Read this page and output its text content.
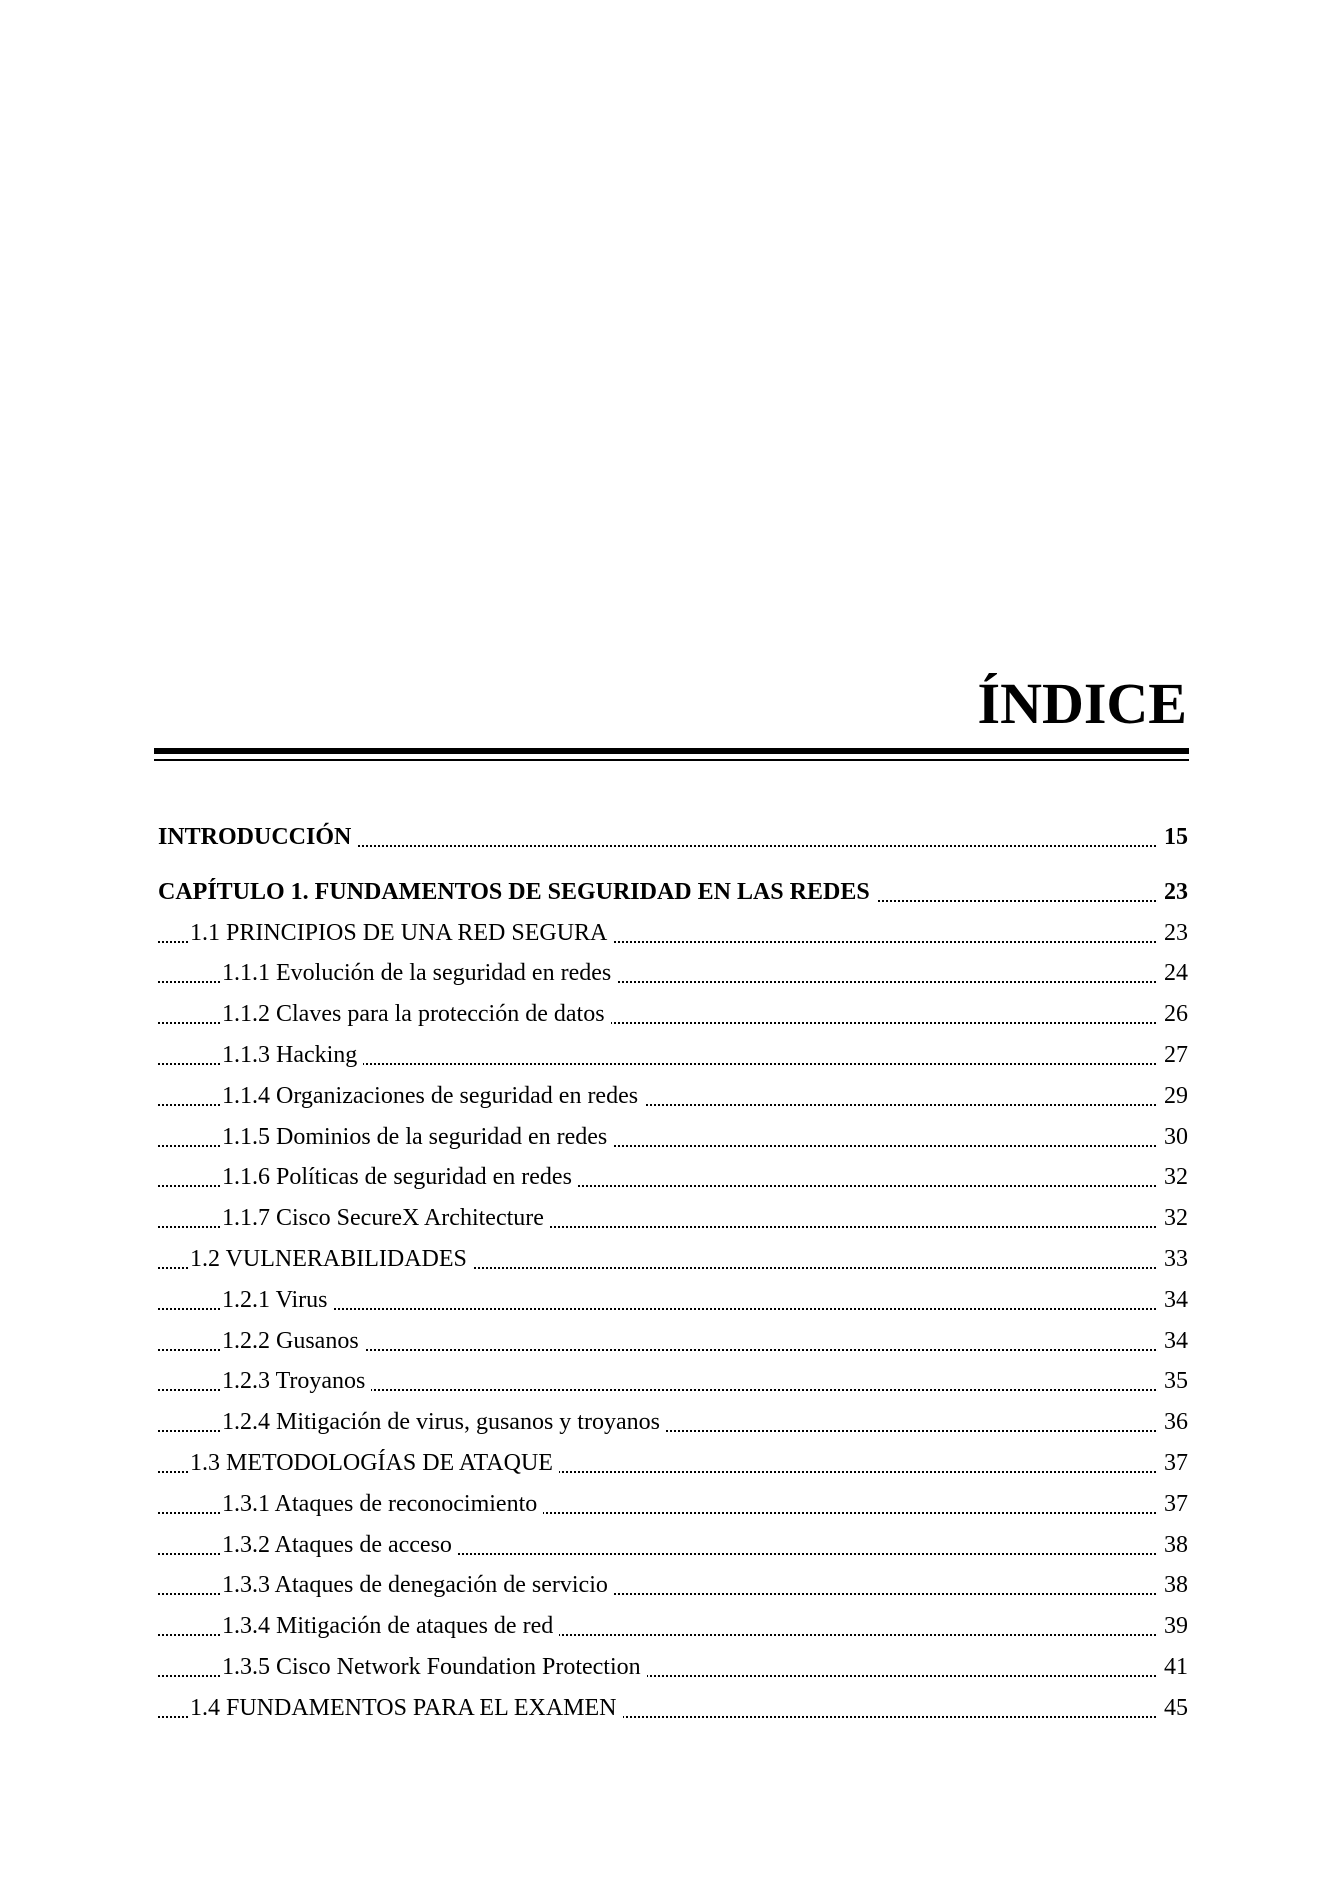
ÍNDICE
INTRODUCCIÓN	15
CAPÍTULO 1. FUNDAMENTOS DE SEGURIDAD EN LAS REDES	23
1.1 PRINCIPIOS DE UNA RED SEGURA	23
1.1.1 Evolución de la seguridad en redes	24
1.1.2 Claves para la protección de datos	26
1.1.3 Hacking	27
1.1.4 Organizaciones de seguridad en redes	29
1.1.5 Dominios de la seguridad en redes	30
1.1.6 Políticas de seguridad en redes	32
1.1.7 Cisco SecureX Architecture	32
1.2 VULNERABILIDADES	33
1.2.1 Virus	34
1.2.2 Gusanos	34
1.2.3 Troyanos	35
1.2.4 Mitigación de virus, gusanos y troyanos	36
1.3 METODOLOGÍAS DE ATAQUE	37
1.3.1 Ataques de reconocimiento	37
1.3.2 Ataques de acceso	38
1.3.3 Ataques de denegación de servicio	38
1.3.4 Mitigación de ataques de red	39
1.3.5 Cisco Network Foundation Protection	41
1.4 FUNDAMENTOS PARA EL EXAMEN	45
